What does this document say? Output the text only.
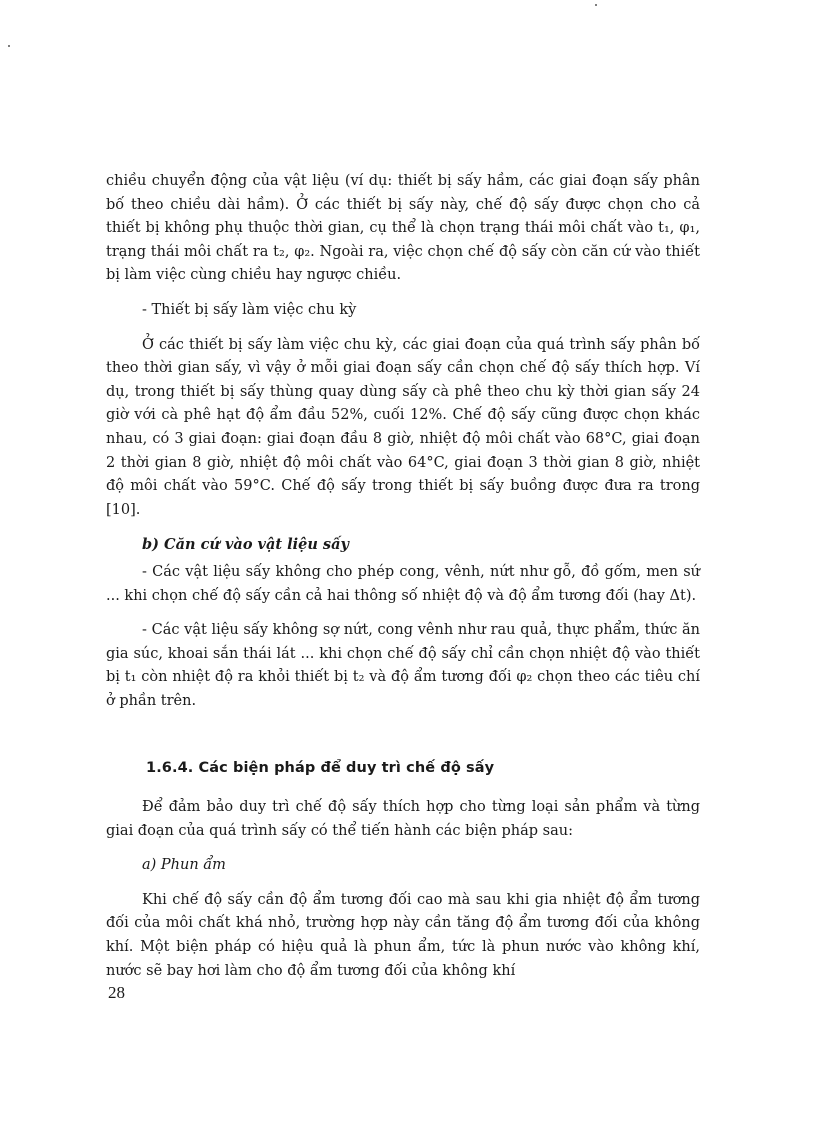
chiều chuyển động của vật liệu (ví dụ: thiết bị sấy hầm, các giai đoạn sấy phân bố theo chiều dài hầm). Ở các thiết bị sấy này, chế độ sấy được chọn cho cả thiết bị không phụ thuộc thời gian, cụ thể là chọn trạng thái môi chất vào t₁, φ₁, trạng thái môi chất ra t₂, φ₂. Ngoài ra, việc chọn chế độ sấy còn căn cứ vào thiết bị làm việc cùng chiều hay ngược chiều.

- Thiết bị sấy làm việc chu kỳ

Ở các thiết bị sấy làm việc chu kỳ, các giai đoạn của quá trình sấy phân bố theo thời gian sấy, vì vậy ở mỗi giai đoạn sấy cần chọn chế độ sấy thích hợp. Ví dụ, trong thiết bị sấy thùng quay dùng sấy cà phê theo chu kỳ thời gian sấy 24 giờ với cà phê hạt độ ẩm đầu 52%, cuối 12%. Chế độ sấy cũng được chọn khác nhau, có 3 giai đoạn: giai đoạn đầu 8 giờ, nhiệt độ môi chất vào 68°C, giai đoạn 2 thời gian 8 giờ, nhiệt độ môi chất vào 64°C, giai đoạn 3 thời gian 8 giờ, nhiệt độ môi chất vào 59°C. Chế độ sấy trong thiết bị sấy buồng được đưa ra trong [10].

b) Căn cứ vào vật liệu sấy

- Các vật liệu sấy không cho phép cong, vênh, nứt như gỗ, đồ gốm, men sứ ... khi chọn chế độ sấy cần cả hai thông số nhiệt độ và độ ẩm tương đối (hay Δt).

- Các vật liệu sấy không sợ nứt, cong vênh như rau quả, thực phẩm, thức ăn gia súc, khoai sắn thái lát ... khi chọn chế độ sấy chỉ cần chọn nhiệt độ vào thiết bị t₁ còn nhiệt độ ra khỏi thiết bị t₂ và độ ẩm tương đối φ₂ chọn theo các tiêu chí ở phần trên.

1.6.4. Các biện pháp để duy trì chế độ sấy

Để đảm bảo duy trì chế độ sấy thích hợp cho từng loại sản phẩm và từng giai đoạn của quá trình sấy có thể tiến hành các biện pháp sau:

a) Phun ẩm

Khi chế độ sấy cần độ ẩm tương đối cao mà sau khi gia nhiệt độ ẩm tương đối của môi chất khá nhỏ, trường hợp này cần tăng độ ẩm tương đối của không khí. Một biện pháp có hiệu quả là phun ẩm, tức là phun nước vào không khí, nước sẽ bay hơi làm cho độ ẩm tương đối của không khí

28
